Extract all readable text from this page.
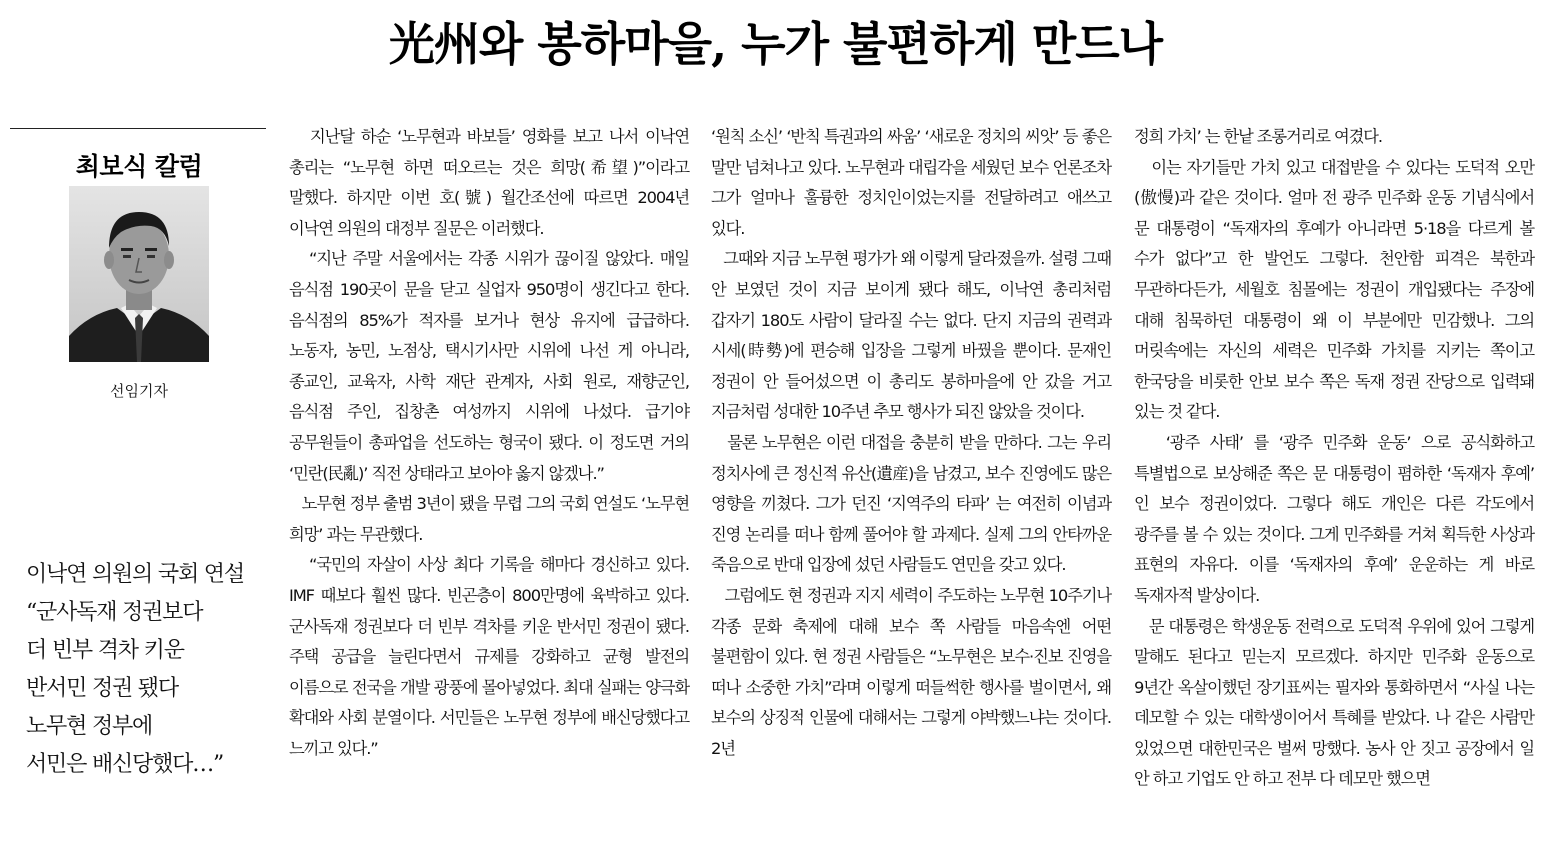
光州와 봉하마을, 누가 불편하게 만드나
최보식 칼럼
선임기자
이낙연 의원의 국회 연설
“군사독재 정권보다
더 빈부 격차 키운
반서민 정권 됐다
노무현 정부에
서민은 배신당했다…”

지난달 하순 ‘노무현과 바보들’ 영화를 보고 나서 이낙연 총리는 “노무현 하면 떠오르는 것은 희망(希望)”이라고 말했다. 하지만 이번 호(號) 월간조선에 따르면 2004년 이낙연 의원의 대정부 질문은 이러했다.

“지난 주말 서울에서는 각종 시위가 끊이질 않았다. 매일 음식점 190곳이 문을 닫고 실업자 950명이 생긴다고 한다. 음식점의 85%가 적자를 보거나 현상 유지에 급급하다. 노동자, 농민, 노점상, 택시기사만 시위에 나선 게 아니라, 종교인, 교육자, 사학 재단 관계자, 사회 원로, 재향군인, 음식점 주인, 집창촌 여성까지 시위에 나섰다. 급기야 공무원들이 총파업을 선도하는 형국이 됐다. 이 정도면 거의 ‘민란(民亂)’ 직전 상태라고 보아야 옳지 않겠나.”

노무현 정부 출범 3년이 됐을 무렵 그의 국회 연설도 ‘노무현 희망’ 과는 무관했다.

“국민의 자살이 사상 최다 기록을 해마다 경신하고 있다. IMF 때보다 훨씬 많다. 빈곤층이 800만명에 육박하고 있다. 군사독재 정권보다 더 빈부 격차를 키운 반서민 정권이 됐다. 주택 공급을 늘린다면서 규제를 강화하고 균형 발전의 이름으로 전국을 개발 광풍에 몰아넣었다. 최대 실패는 양극화 확대와 사회 분열이다. 서민들은 노무현 정부에 배신당했다고 느끼고 있다.”

‘원칙 소신’ ‘반칙 특권과의 싸움’ ‘새로운 정치의 씨앗’ 등 좋은 말만 넘쳐나고 있다. 노무현과 대립각을 세웠던 보수 언론조차 그가 얼마나 훌륭한 정치인이었는지를 전달하려고 애쓰고 있다.

그때와 지금 노무현 평가가 왜 이렇게 달라졌을까. 설령 그때 안 보였던 것이 지금 보이게 됐다 해도, 이낙연 총리처럼 갑자기 180도 사람이 달라질 수는 없다. 단지 지금의 권력과 시세(時勢)에 편승해 입장을 그렇게 바꿨을 뿐이다. 문재인 정권이 안 들어섰으면 이 총리도 봉하마을에 안 갔을 거고 지금처럼 성대한 10주년 추모 행사가 되진 않았을 것이다.

물론 노무현은 이런 대접을 충분히 받을 만하다. 그는 우리 정치사에 큰 정신적 유산(遺産)을 남겼고, 보수 진영에도 많은 영향을 끼쳤다. 그가 던진 ‘지역주의 타파’ 는 여전히 이념과 진영 논리를 떠나 함께 풀어야 할 과제다. 실제 그의 안타까운 죽음으로 반대 입장에 섰던 사람들도 연민을 갖고 있다.

그럼에도 현 정권과 지지 세력이 주도하는 노무현 10주기나 각종 문화 축제에 대해 보수 쪽 사람들 마음속엔 어떤 불편함이 있다. 현 정권 사람들은 “노무현은 보수·진보 진영을 떠나 소중한 가치”라며 이렇게 떠들썩한 행사를 벌이면서, 왜 보수의 상징적 인물에 대해서는 그렇게 야박했느냐는 것이다. 2년

정희 가치’ 는 한낱 조롱거리로 여겼다.

이는 자기들만 가치 있고 대접받을 수 있다는 도덕적 오만(傲慢)과 같은 것이다. 얼마 전 광주 민주화 운동 기념식에서 문 대통령이 “독재자의 후예가 아니라면 5·18을 다르게 볼 수가 없다”고 한 발언도 그렇다. 천안함 피격은 북한과 무관하다든가, 세월호 침몰에는 정권이 개입됐다는 주장에 대해 침묵하던 대통령이 왜 이 부분에만 민감했나. 그의 머릿속에는 자신의 세력은 민주화 가치를 지키는 쪽이고 한국당을 비롯한 안보 보수 쪽은 독재 정권 잔당으로 입력돼 있는 것 같다.

‘광주 사태’ 를 ‘광주 민주화 운동’ 으로 공식화하고 특별법으로 보상해준 쪽은 문 대통령이 폄하한 ‘독재자 후예’ 인 보수 정권이었다. 그렇다 해도 개인은 다른 각도에서 광주를 볼 수 있는 것이다. 그게 민주화를 거쳐 획득한 사상과 표현의 자유다. 이를 ‘독재자의 후예’ 운운하는 게 바로 독재자적 발상이다.

문 대통령은 학생운동 전력으로 도덕적 우위에 있어 그렇게 말해도 된다고 믿는지 모르겠다. 하지만 민주화 운동으로 9년간 옥살이했던 장기표씨는 필자와 통화하면서 “사실 나는 데모할 수 있는 대학생이어서 특혜를 받았다. 나 같은 사람만 있었으면 대한민국은 벌써 망했다. 농사 안 짓고 공장에서 일 안 하고 기업도 안 하고 전부 다 데모만 했으면
